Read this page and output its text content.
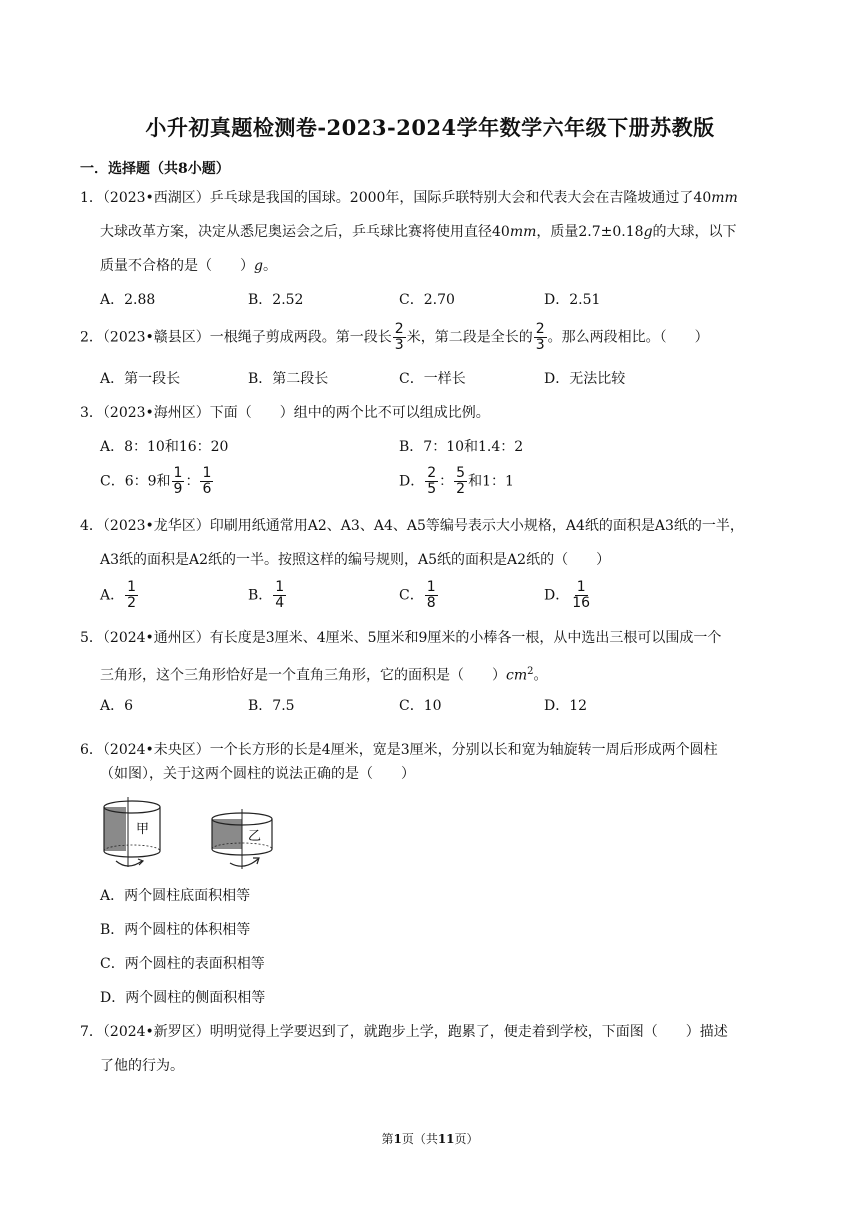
小升初真题检测卷-2023-2024学年数学六年级下册苏教版
一．选择题（共8小题）
1．（2023•西湖区）乒乓球是我国的国球。2000年，国际乒联特别大会和代表大会在吉隆坡通过了40mm
大球改革方案，决定从悉尼奥运会之后，乒乓球比赛将使用直径40mm，质量2.7±0.18g的大球，以下
质量不合格的是（　　）g。
A．2.88	B．2.52	C．2.70	D．2.51
2．（2023•赣县区）一根绳子剪成两段。第一段长 $\frac{2}{3}$ 米，第二段是全长的 $\frac{2}{3}$ 。那么两段相比。（　　）
A．第一段长	B．第二段长	C．一样长	D．无法比较
3．（2023•海州区）下面（　　）组中的两个比不可以组成比例。
A．8：10和16：20	B．7：10和1.4：2
C．6：9和 $\frac{1}{9}$ ： $\frac{1}{6}$	D． $\frac{2}{5}$ ： $\frac{5}{2}$ 和1：1
4．（2023•龙华区）印刷用纸通常用A2、A3、A4、A5等编号表示大小规格，A4纸的面积是A3纸的一半，
A3纸的面积是A2纸的一半。按照这样的编号规则，A5纸的面积是A2纸的（　　）
A． $\frac{1}{2}$	B． $\frac{1}{4}$	C． $\frac{1}{8}$	D． $\frac{1}{16}$
5．（2024•通州区）有长度是3厘米、4厘米、5厘米和9厘米的小棒各一根，从中选出三根可以围成一个
三角形，这个三角形恰好是一个直角三角形，它的面积是（　　）$cm^2$。
A．6	B．7.5	C．10	D．12
6．（2024•未央区）一个长方形的长是4厘米，宽是3厘米，分别以长和宽为轴旋转一周后形成两个圆柱
（如图），关于这两个圆柱的说法正确的是（　　）
甲	乙
A．两个圆柱底面积相等
B．两个圆柱的体积相等
C．两个圆柱的表面积相等
D．两个圆柱的侧面积相等
7．（2024•新罗区）明明觉得上学要迟到了，就跑步上学，跑累了，便走着到学校，下面图（　　）描述
了他的行为。
第1页（共11页）
